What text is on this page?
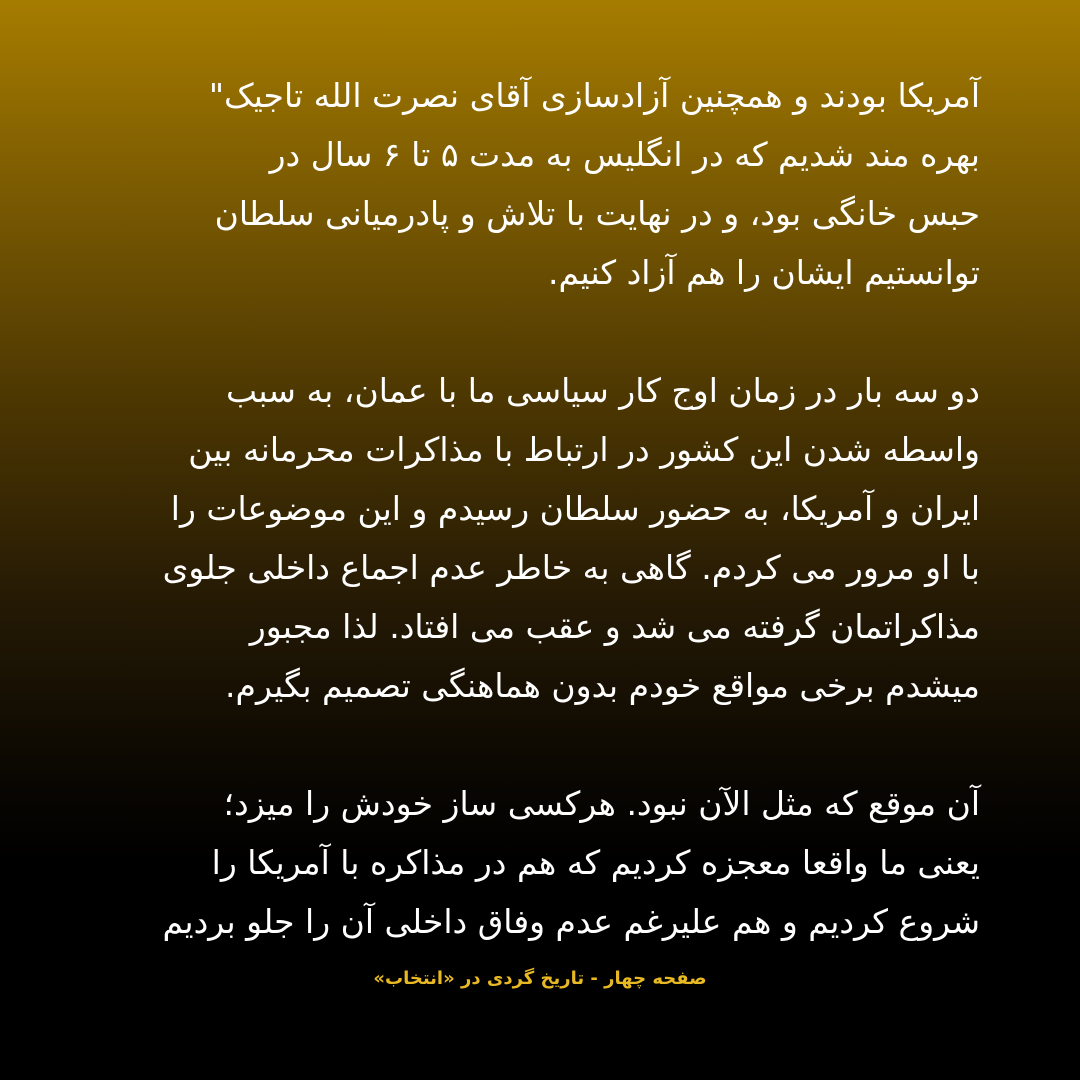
آمریکا بودند و همچنین آزادسازی آقای نصرت الله تاجیک"
بهره مند شدیم که در انگلیس به مدت ۵ تا ۶ سال در
حبس خانگی بود، و در نهایت با تلاش و پادرمیانی سلطان
توانستیم ایشان را هم آزاد کنیم.
دو سه بار در زمان اوج کار سیاسی ما با عمان، به سبب
واسطه شدن این کشور در ارتباط با مذاکرات محرمانه بین
ایران و آمریکا، به حضور سلطان رسیدم و این موضوعات را
با او مرور می کردم. گاهی به خاطر عدم اجماع داخلی جلوی
مذاکراتمان گرفته می شد و عقب می افتاد. لذا مجبور
میشدم برخی مواقع خودم بدون هماهنگی تصمیم بگیرم.
آن موقع که مثل الآن نبود. هرکسی ساز خودش را میزد؛
یعنی ما واقعا معجزه کردیم که هم در مذاکره با آمریکا را
شروع کردیم و هم علیرغم عدم وفاق داخلی آن را جلو بردیم
صفحه چهار - تاریخ گردی در «انتخاب»
